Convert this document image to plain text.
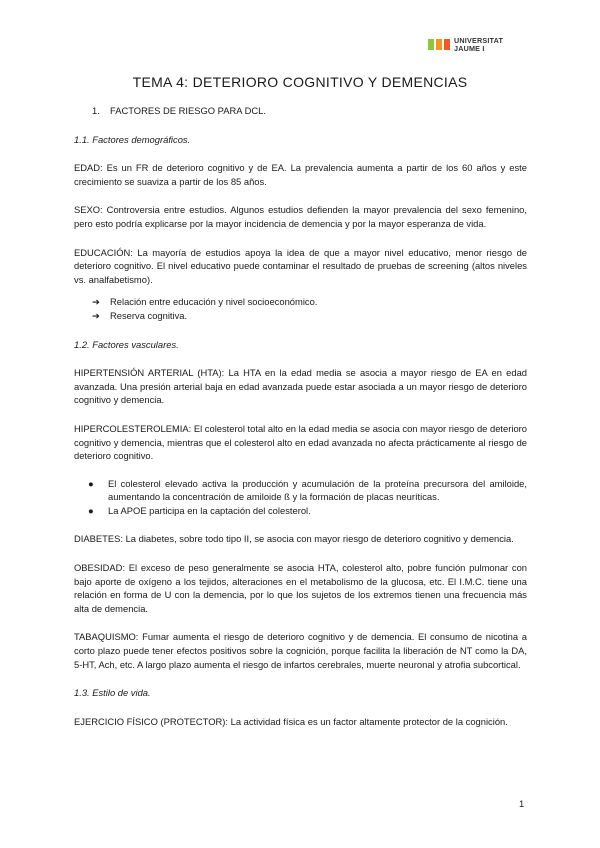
UNIVERSITAT
JAUME I
TEMA 4: DETERIORO COGNITIVO Y DEMENCIAS
1. FACTORES DE RIESGO PARA DCL.
1.1. Factores demográficos.

EDAD: Es un FR de deterioro cognitivo y de EA. La prevalencia aumenta a partir de los 60 años y este crecimiento se suaviza a partir de los 85 años.

SEXO: Controversia entre estudios. Algunos estudios defienden la mayor prevalencia del sexo femenino, pero esto podría explicarse por la mayor incidencia de demencia y por la mayor esperanza de vida.

EDUCACIÓN: La mayoría de estudios apoya la idea de que a mayor nivel educativo, menor riesgo de deterioro cognitivo. El nivel educativo puede contaminar el resultado de pruebas de screening (altos niveles vs. analfabetismo).

➔ Relación entre educación y nivel socioeconómico.
➔ Reserva cognitiva.
1.2. Factores vasculares.

HIPERTENSIÓN ARTERIAL (HTA): La HTA en la edad media se asocia a mayor riesgo de EA en edad avanzada. Una presión arterial baja en edad avanzada puede estar asociada a un mayor riesgo de deterioro cognitivo y demencia.

HIPERCOLESTEROLEMIA: El colesterol total alto en la edad media se asocia con mayor riesgo de deterioro cognitivo y demencia, mientras que el colesterol alto en edad avanzada no afecta prácticamente al riesgo de deterioro cognitivo.

● El colesterol elevado activa la producción y acumulación de la proteína precursora del amiloide, aumentando la concentración de amiloide ß y la formación de placas neuríticas.
● La APOE participa en la captación del colesterol.

DIABETES: La diabetes, sobre todo tipo II, se asocia con mayor riesgo de deterioro cognitivo y demencia.

OBESIDAD: El exceso de peso generalmente se asocia HTA, colesterol alto, pobre función pulmonar con bajo aporte de oxígeno a los tejidos, alteraciones en el metabolismo de la glucosa, etc. El I.M.C. tiene una relación en forma de U con la demencia, por lo que los sujetos de los extremos tienen una frecuencia más alta de demencia.

TABAQUISMO: Fumar aumenta el riesgo de deterioro cognitivo y de demencia. El consumo de nicotina a corto plazo puede tener efectos positivos sobre la cognición, porque facilita la liberación de NT como la DA, 5-HT, Ach, etc. A largo plazo aumenta el riesgo de infartos cerebrales, muerte neuronal y atrofia subcortical.

1.3. Estilo de vida.

EJERCICIO FÍSICO (PROTECTOR): La actividad física es un factor altamente protector de la cognición.

1
